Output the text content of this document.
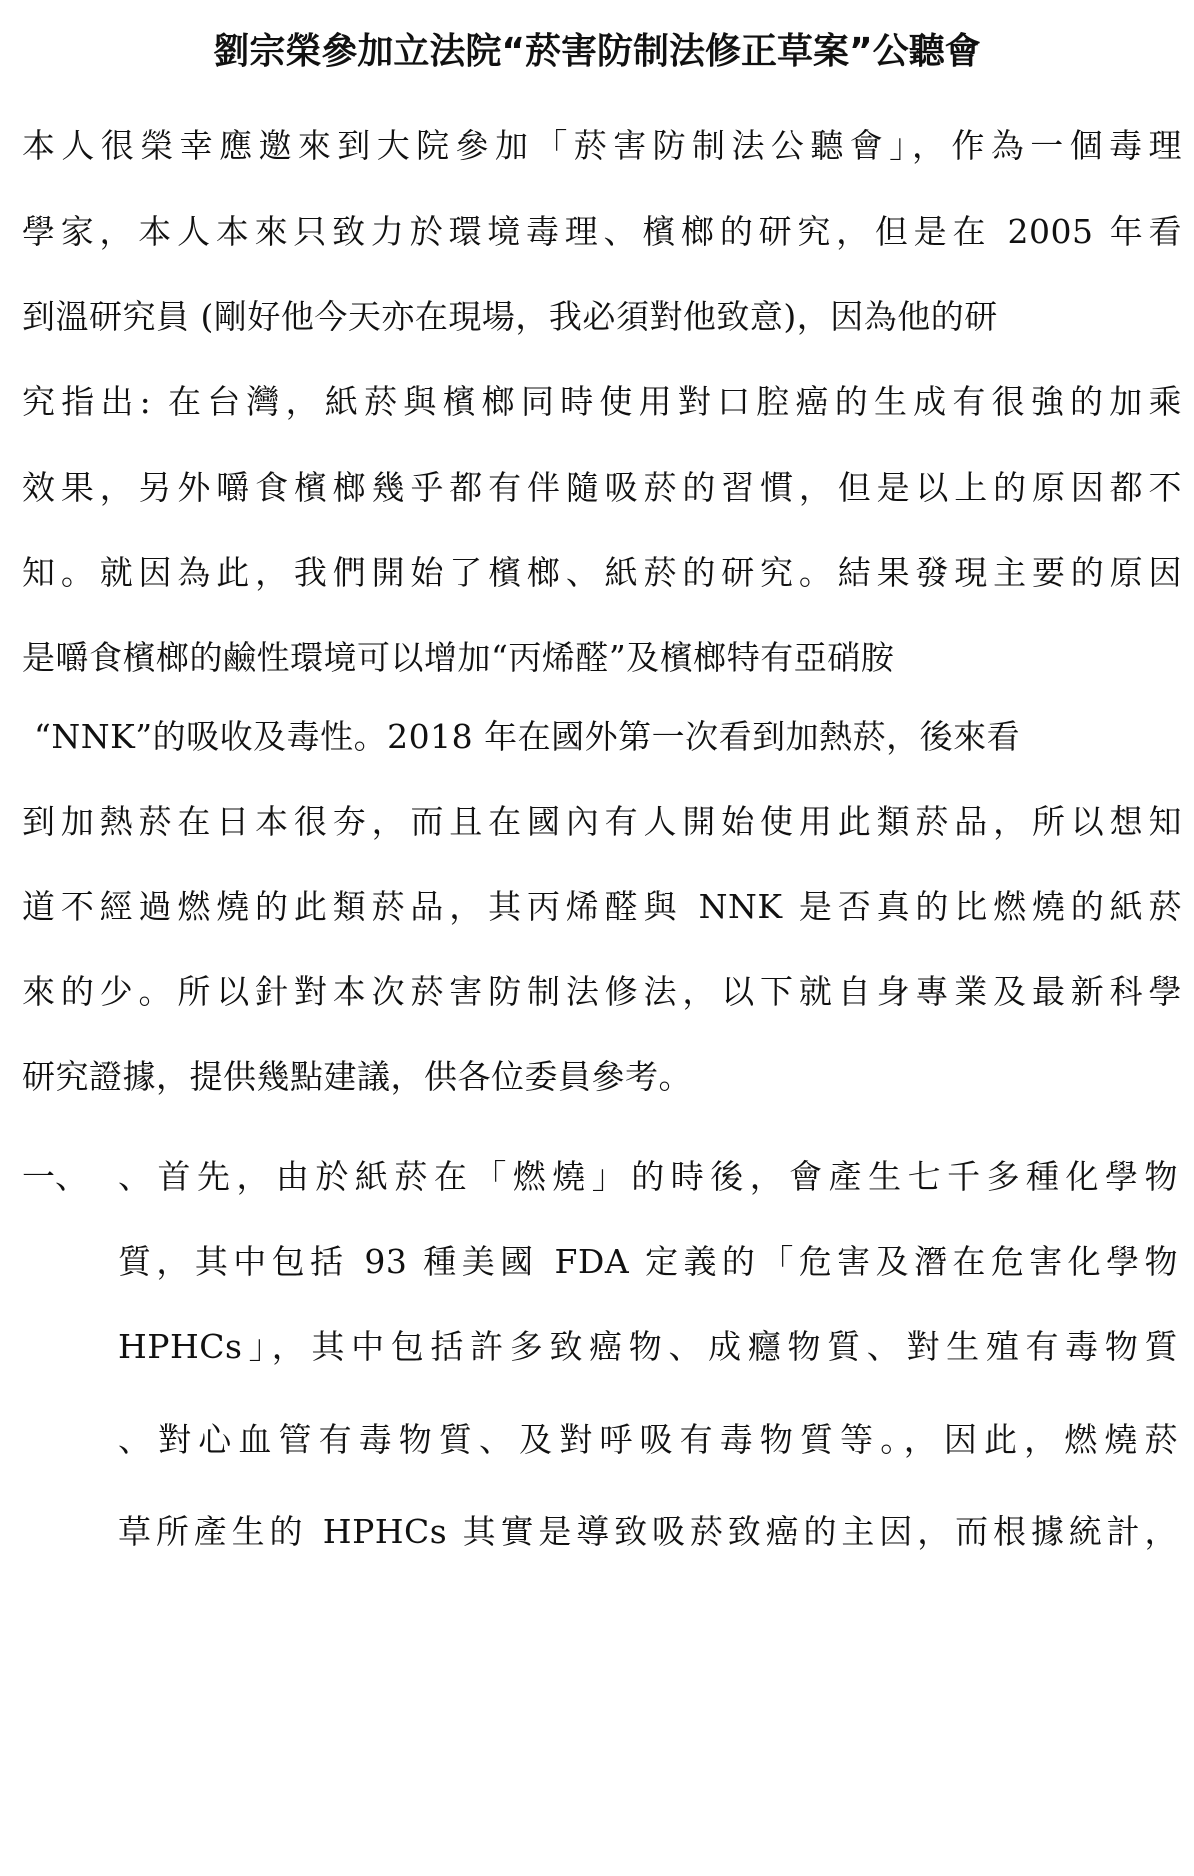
劉宗榮參加立法院“菸害防制法修正草案”公聽會
本人很榮幸應邀來到大院參加「菸害防制法公聽會」，作為一個毒理
學家，本人本來只致力於環境毒理、檳榔的研究，但是在 2005 年看
到溫研究員 (剛好他今天亦在現場，我必須對他致意)，因為他的研
究指出: 在台灣，紙菸與檳榔同時使用對口腔癌的生成有很強的加乘
效果，另外嚼食檳榔幾乎都有伴隨吸菸的習慣，但是以上的原因都不
知。就因為此，我們開始了檳榔、紙菸的研究。結果發現主要的原因
是嚼食檳榔的鹼性環境可以增加“丙烯醛”及檳榔特有亞硝胺
“NNK”的吸收及毒性。2018 年在國外第一次看到加熱菸，後來看
到加熱菸在日本很夯，而且在國內有人開始使用此類菸品，所以想知
道不經過燃燒的此類菸品，其丙烯醛與 NNK 是否真的比燃燒的紙菸
來的少。所以針對本次菸害防制法修法，以下就自身專業及最新科學
研究證據，提供幾點建議，供各位委員參考。
一、 、首先，由於紙菸在「燃燒」的時後，會產生七千多種化學物
質，其中包括 93 種美國 FDA 定義的「危害及潛在危害化學物
HPHCs」，其中包括許多致癌物、成癮物質、對生殖有毒物質
、對心血管有毒物質、及對呼吸有毒物質等。，因此，燃燒菸
草所產生的 HPHCs 其實是導致吸菸致癌的主因，而根據統計，
